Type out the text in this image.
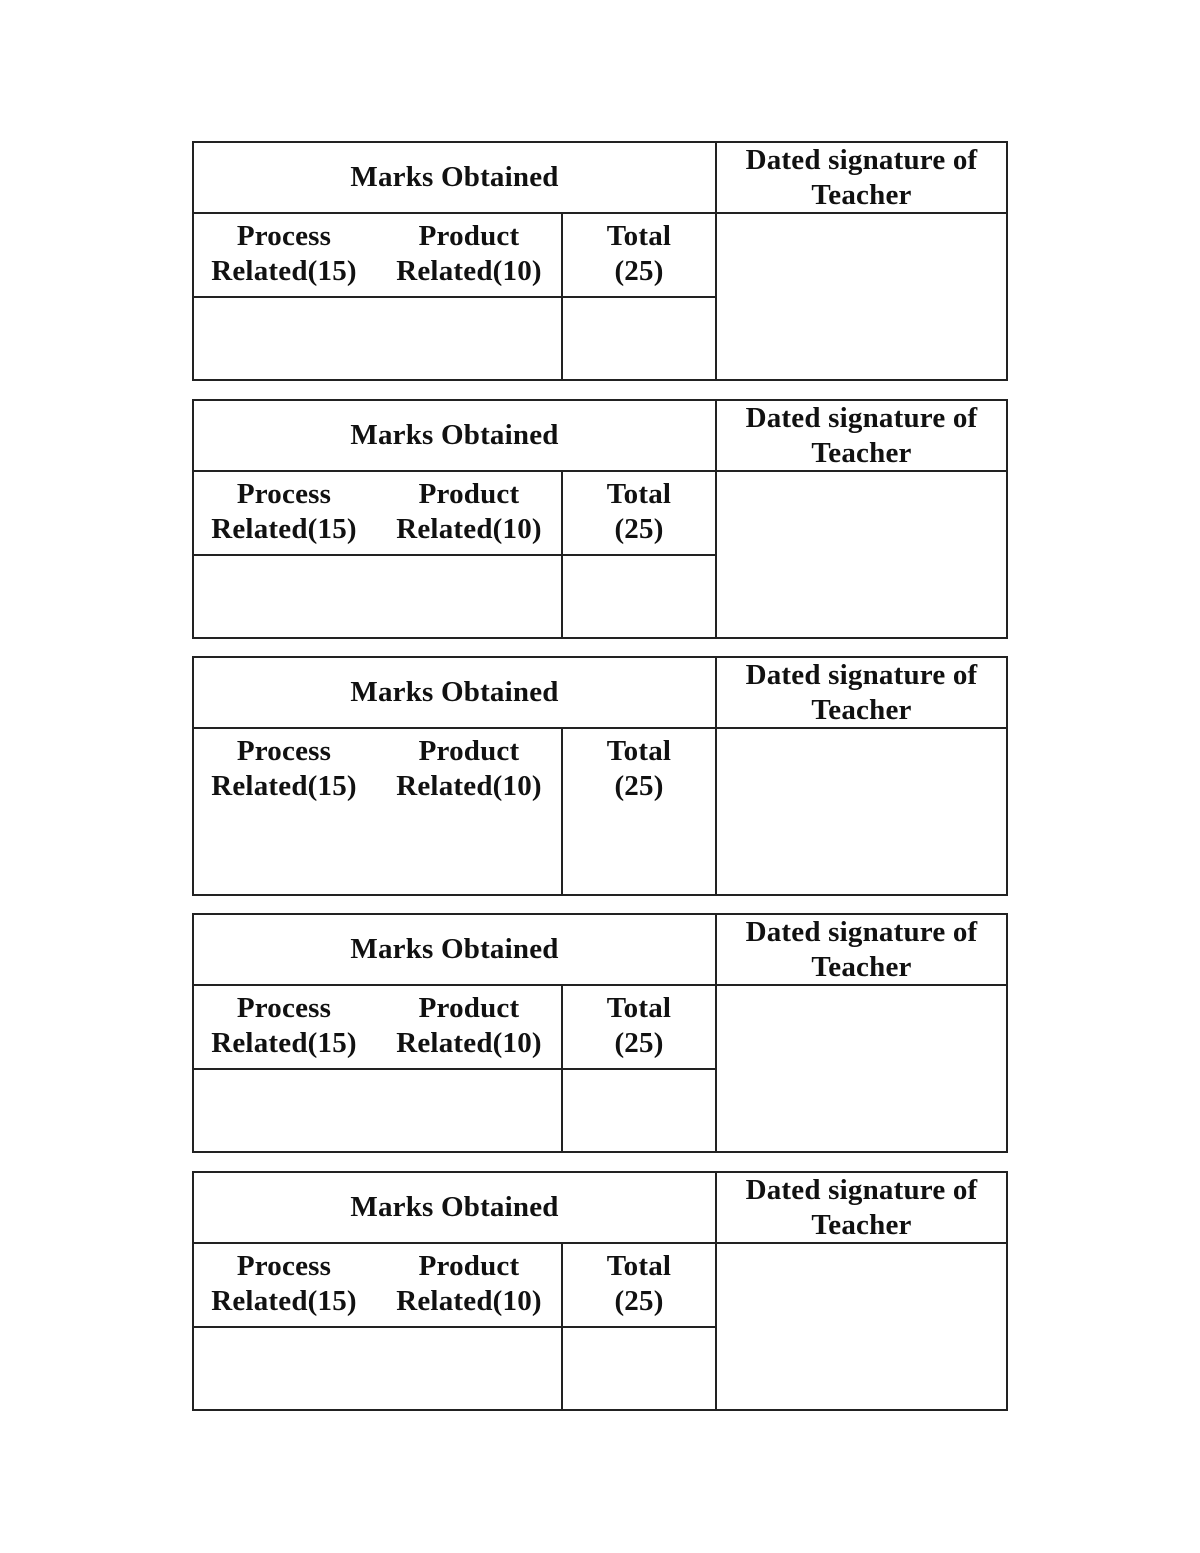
Marks Obtained
Dated signature of
Teacher
Process
Related(15)
Product
Related(10)
Total
(25)
Marks Obtained
Dated signature of
Teacher
Process
Related(15)
Product
Related(10)
Total
(25)
Marks Obtained
Dated signature of
Teacher
Process
Related(15)
Product
Related(10)
Total
(25)
Marks Obtained
Dated signature of
Teacher
Process
Related(15)
Product
Related(10)
Total
(25)
Marks Obtained
Dated signature of
Teacher
Process
Related(15)
Product
Related(10)
Total
(25)
